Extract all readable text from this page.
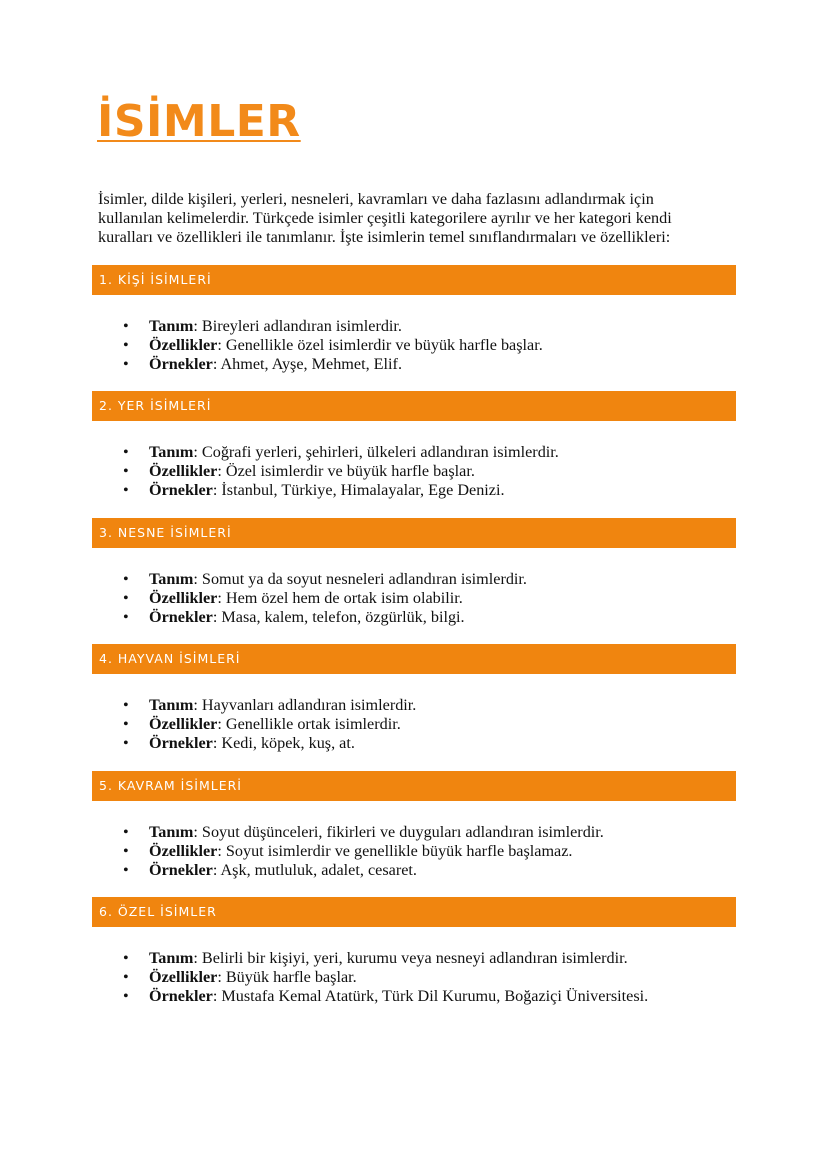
İSİMLER

İsimler, dilde kişileri, yerleri, nesneleri, kavramları ve daha fazlasını adlandırmak için kullanılan kelimelerdir. Türkçede isimler çeşitli kategorilere ayrılır ve her kategori kendi kuralları ve özellikleri ile tanımlanır. İşte isimlerin temel sınıflandırmaları ve özellikleri:

1. KİŞİ İSİMLERİ
• Tanım: Bireyleri adlandıran isimlerdir.
• Özellikler: Genellikle özel isimlerdir ve büyük harfle başlar.
• Örnekler: Ahmet, Ayşe, Mehmet, Elif.
2. YER İSİMLERİ
• Tanım: Coğrafi yerleri, şehirleri, ülkeleri adlandıran isimlerdir.
• Özellikler: Özel isimlerdir ve büyük harfle başlar.
• Örnekler: İstanbul, Türkiye, Himalayalar, Ege Denizi.
3. NESNE İSİMLERİ
• Tanım: Somut ya da soyut nesneleri adlandıran isimlerdir.
• Özellikler: Hem özel hem de ortak isim olabilir.
• Örnekler: Masa, kalem, telefon, özgürlük, bilgi.
4. HAYVAN İSİMLERİ
• Tanım: Hayvanları adlandıran isimlerdir.
• Özellikler: Genellikle ortak isimlerdir.
• Örnekler: Kedi, köpek, kuş, at.
5. KAVRAM İSİMLERİ
• Tanım: Soyut düşünceleri, fikirleri ve duyguları adlandıran isimlerdir.
• Özellikler: Soyut isimlerdir ve genellikle büyük harfle başlamaz.
• Örnekler: Aşk, mutluluk, adalet, cesaret.
6. ÖZEL İSİMLER
• Tanım: Belirli bir kişiyi, yeri, kurumu veya nesneyi adlandıran isimlerdir.
• Özellikler: Büyük harfle başlar.
• Örnekler: Mustafa Kemal Atatürk, Türk Dil Kurumu, Boğaziçi Üniversitesi.
